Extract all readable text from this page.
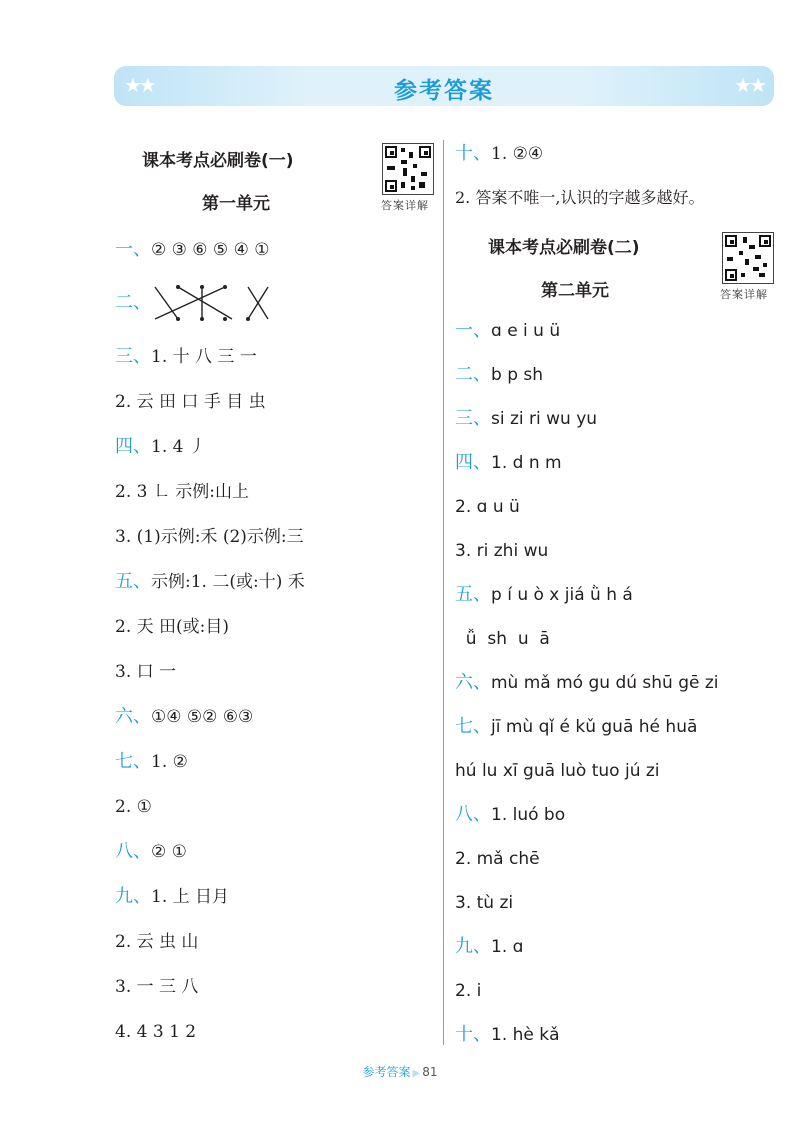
★★	参考答案	★★
课本考点必刷卷(一)
第一单元	答案详解
一、② ③ ⑥ ⑤ ④ ①
二、
三、1. 十 八 三 一
2. 云 田 口 手 目 虫
四、1. 4 丿
2. 3 ㇗ 示例:山上
3. (1)示例:禾 (2)示例:三
五、示例:1. 二(或:十) 禾
2. 天 田(或:目)
3. 口 一
六、①④ ⑤② ⑥③
七、1. ②
2. ①
八、② ①
九、1. 上 日月
2. 云 虫 山
3. 一 三 八
4. 4 3 1 2
十、1. ②④
2. 答案不唯一,认识的字越多越好。
课本考点必刷卷(二)
第二单元	答案详解
一、ɑ e i u ü
二、b p sh
三、si zi ri wu yu
四、1. d n m
2. ɑ u ü
3. ri zhi wu
五、p í u ò x jiá ǜ h á
ǚ  sh  u  ā
六、mù mǎ mó gu dú shū gē zi
七、jī mù qǐ é kǔ guā hé huā
hú lu xī guā luò tuo jú zi
八、1. luó bo
2. mǎ chē
3. tù zi
九、1. ɑ
2. i
十、1. hè kǎ
参考答案 ▶ 81
